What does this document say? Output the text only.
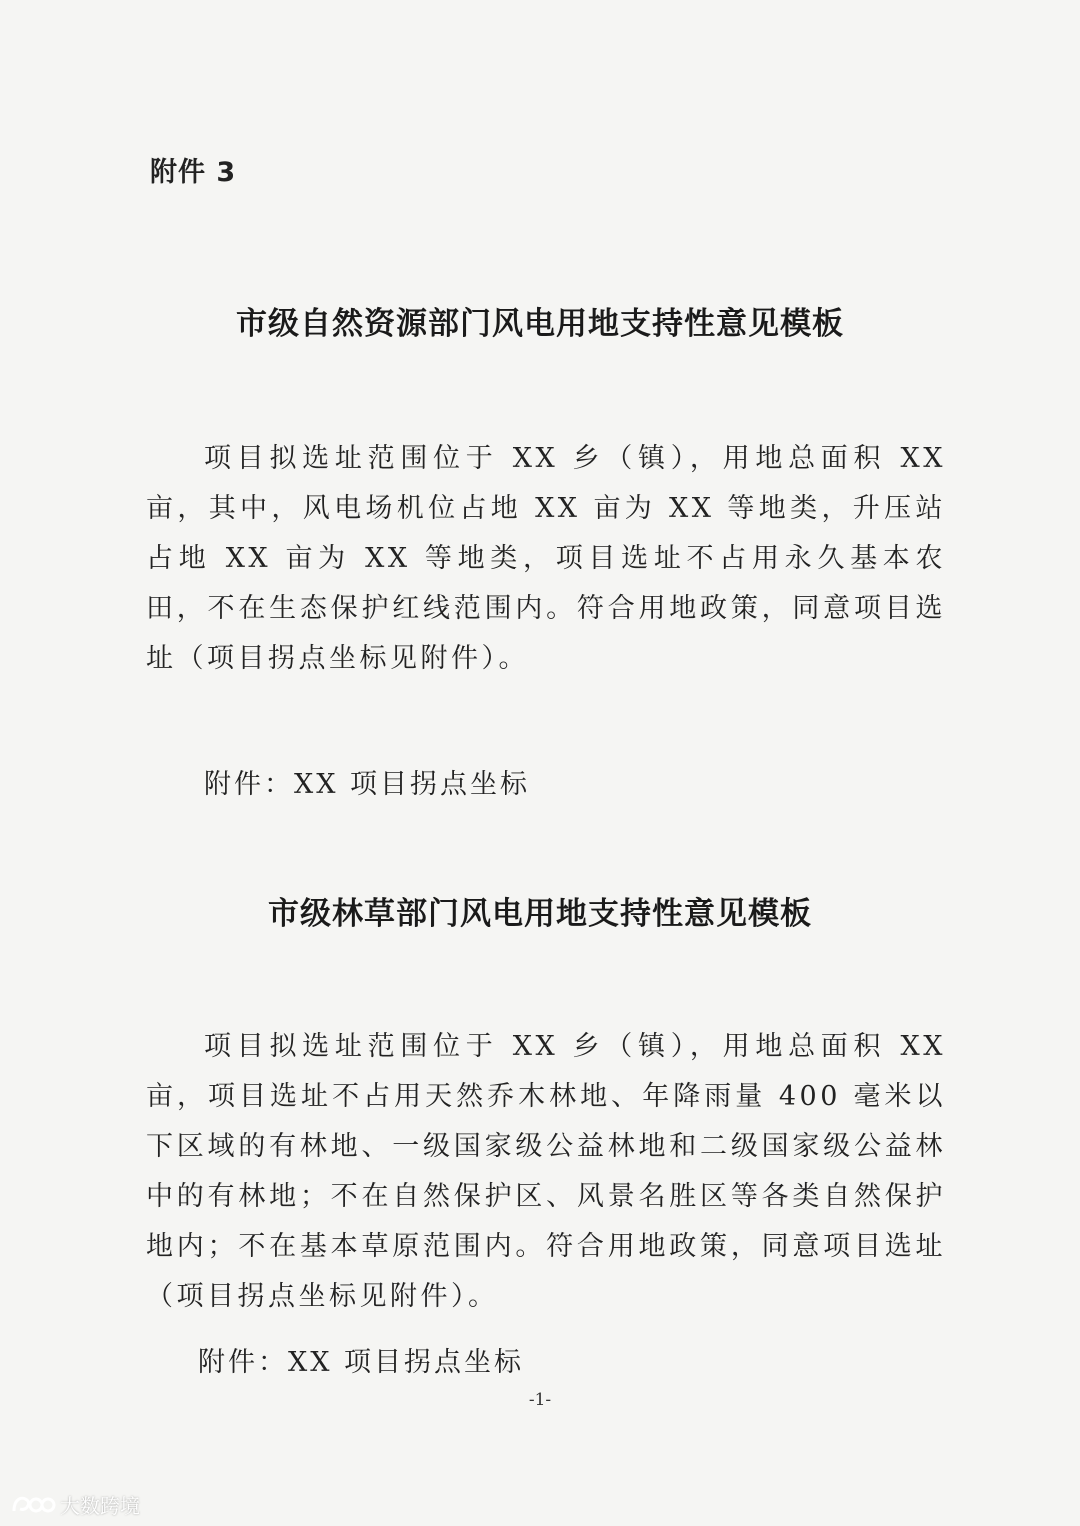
附件 3
市级自然资源部门风电用地支持性意见模板

项目拟选址范围位于 XX 乡（镇），用地总面积 XX 亩，其中，风电场机位占地 XX 亩为 XX 等地类，升压站占地 XX 亩为 XX 等地类，项目选址不占用永久基本农田，不在生态保护红线范围内。符合用地政策，同意项目选址（项目拐点坐标见附件）。

附件：XX 项目拐点坐标
市级林草部门风电用地支持性意见模板

项目拟选址范围位于 XX 乡（镇），用地总面积 XX 亩，项目选址不占用天然乔木林地、年降雨量 400 毫米以下区域的有林地、一级国家级公益林地和二级国家级公益林中的有林地；不在自然保护区、风景名胜区等各类自然保护地内；不在基本草原范围内。符合用地政策，同意项目选址（项目拐点坐标见附件）。

附件：XX 项目拐点坐标
-1-
大数跨境
